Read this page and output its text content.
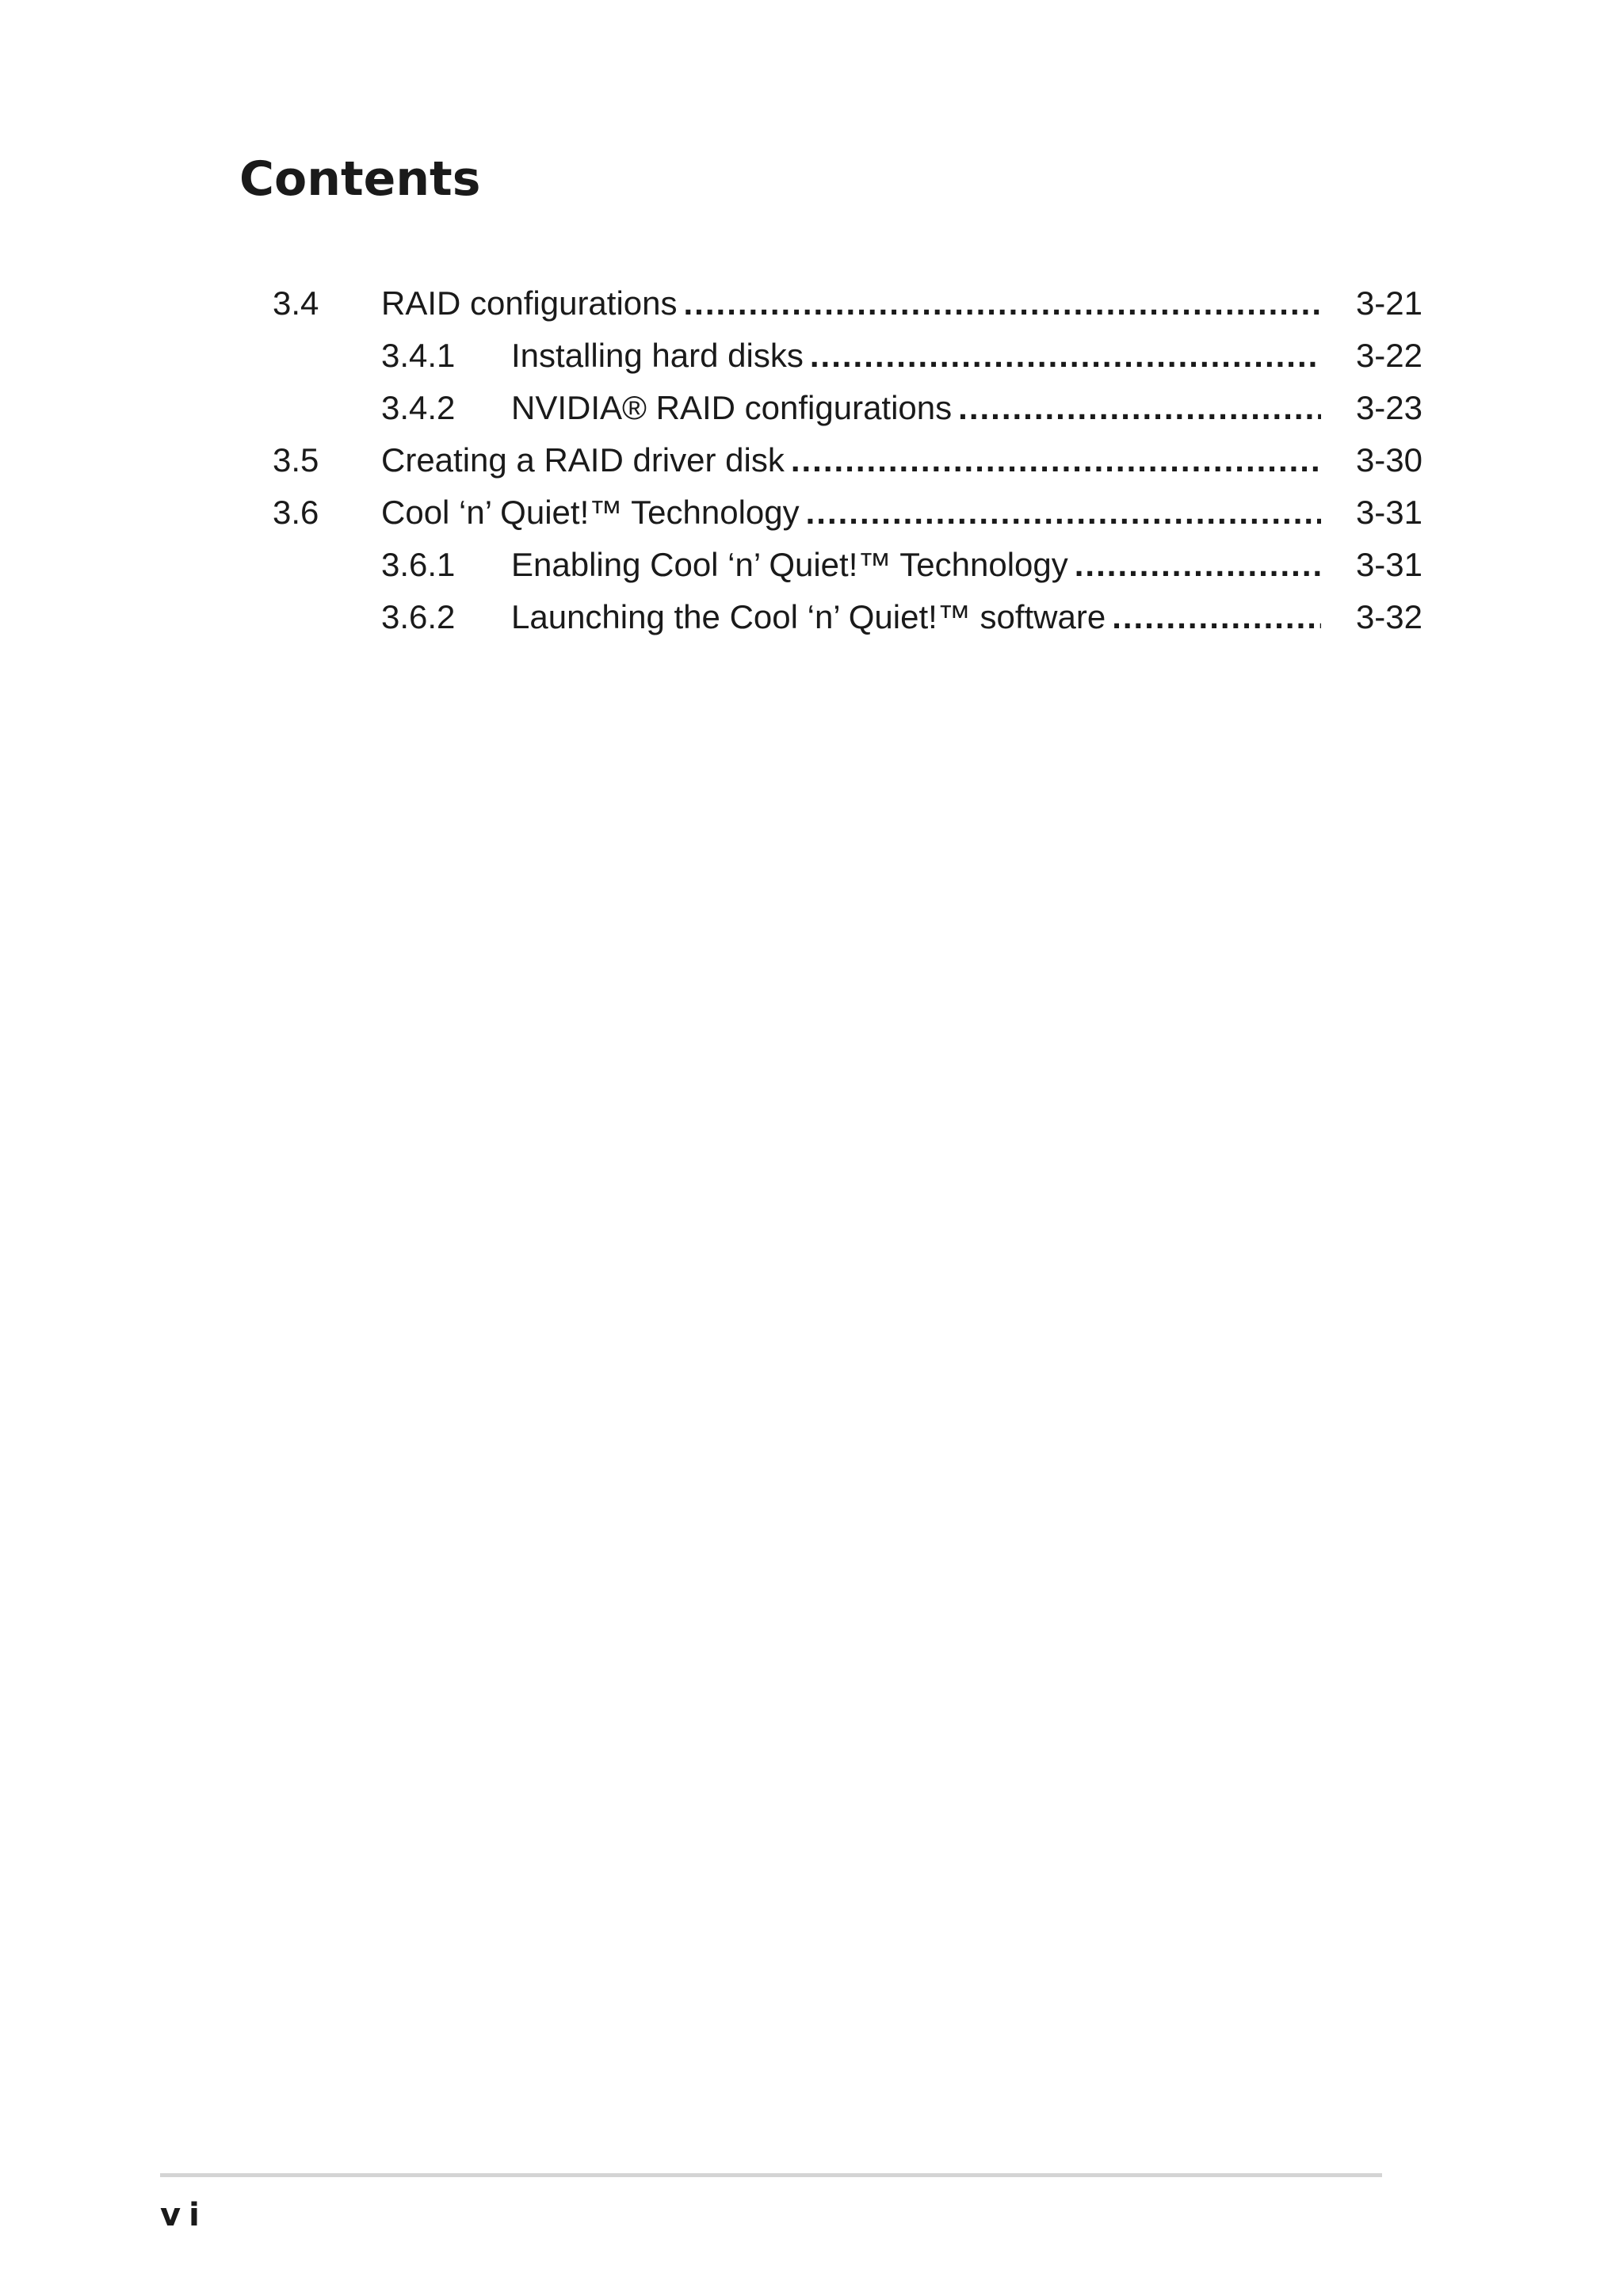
Contents
3.4 RAID configurations .....	3-21
3.4.1 Installing hard disks .....	3-22
3.4.2 NVIDIA® RAID configurations .....	3-23
3.5 Creating a RAID driver disk .....	3-30
3.6 Cool ‘n’ Quiet!™ Technology .....	3-31
3.6.1 Enabling Cool ‘n’ Quiet!™ Technology .....	3-31
3.6.2 Launching the Cool ‘n’ Quiet!™ software .....	3-32
vi
